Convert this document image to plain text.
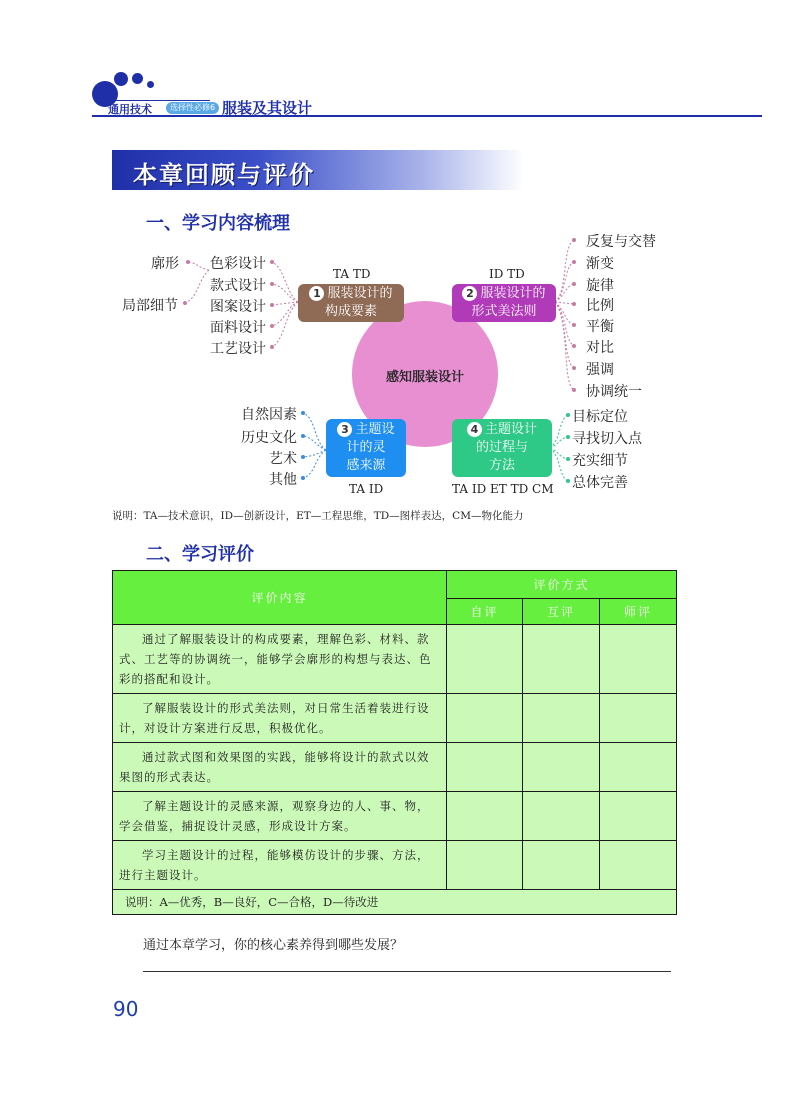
通用技术	选择性必修6 服装及其设计
本章回顾与评价
一、学习内容梳理
感知服装设计
TA TD
1 服装设计的
构成要素
色彩设计
款式设计
图案设计
面料设计
工艺设计
廓形
局部细节
ID TD
2 服装设计的
形式美法则
反复与交替
渐变
旋律
比例
平衡
对比
强调
协调统一
3 主题设
计的灵
感来源
TA ID
自然因素
历史文化
艺术
其他
4 主题设计
的过程与
方法
TA ID ET TD CM
目标定位
寻找切入点
充实细节
总体完善
说明：TA—技术意识，ID—创新设计，ET—工程思维，TD—图样表达，CM—物化能力
二、学习评价
评价内容	评价方式		
	自评	互评	师评
通过了解服装设计的构成要素，理解色彩、材料、款式、工艺等的协调统一，能够学会廓形的构想与表达、色彩的搭配和设计。			
了解服装设计的形式美法则，对日常生活着装进行设计，对设计方案进行反思，积极优化。			
通过款式图和效果图的实践，能够将设计的款式以效果图的形式表达。			
了解主题设计的灵感来源，观察身边的人、事、物，学会借鉴，捕捉设计灵感，形成设计方案。			
学习主题设计的过程，能够模仿设计的步骤、方法，进行主题设计。			
说明：A—优秀，B—良好，C—合格，D—待改进			
通过本章学习，你的核心素养得到哪些发展？
90
